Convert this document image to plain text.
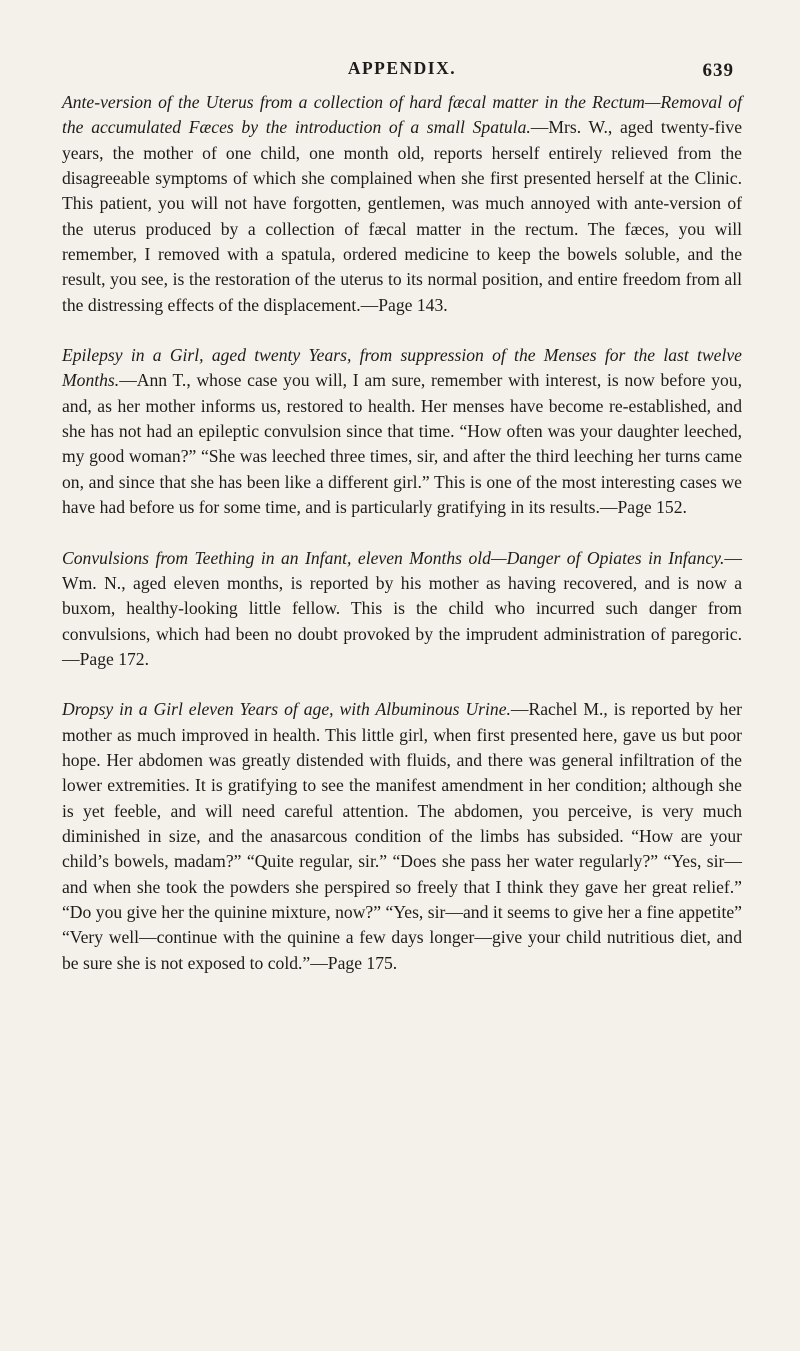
APPENDIX.	639

Ante-version of the Uterus from a collection of hard fæcal matter in the Rectum—Removal of the accumulated Fæces by the introduction of a small Spatula.—Mrs. W., aged twenty-five years, the mother of one child, one month old, reports herself entirely relieved from the disagreeable symptoms of which she complained when she first presented herself at the Clinic. This patient, you will not have forgotten, gentlemen, was much annoyed with ante-version of the uterus produced by a collection of fæcal matter in the rectum. The fæces, you will remember, I removed with a spatula, ordered medicine to keep the bowels soluble, and the result, you see, is the restoration of the uterus to its normal position, and entire freedom from all the distressing effects of the displacement.—Page 143.

Epilepsy in a Girl, aged twenty Years, from suppression of the Menses for the last twelve Months.—Ann T., whose case you will, I am sure, remember with interest, is now before you, and, as her mother informs us, restored to health. Her menses have become re-established, and she has not had an epileptic convulsion since that time. “How often was your daughter leeched, my good woman?” “She was leeched three times, sir, and after the third leeching her turns came on, and since that she has been like a different girl.” This is one of the most interesting cases we have had before us for some time, and is particularly gratifying in its results.—Page 152.

Convulsions from Teething in an Infant, eleven Months old—Danger of Opiates in Infancy.—Wm. N., aged eleven months, is reported by his mother as having recovered, and is now a buxom, healthy-looking little fellow. This is the child who incurred such danger from convulsions, which had been no doubt provoked by the imprudent administration of paregoric.—Page 172.

Dropsy in a Girl eleven Years of age, with Albuminous Urine.—Rachel M., is reported by her mother as much improved in health. This little girl, when first presented here, gave us but poor hope. Her abdomen was greatly distended with fluids, and there was general infiltration of the lower extremities. It is gratifying to see the manifest amendment in her condition; although she is yet feeble, and will need careful attention. The abdomen, you perceive, is very much diminished in size, and the anasarcous condition of the limbs has subsided. “How are your child’s bowels, madam?” “Quite regular, sir.” “Does she pass her water regularly?” “Yes, sir—and when she took the powders she perspired so freely that I think they gave her great relief.” “Do you give her the quinine mixture, now?” “Yes, sir—and it seems to give her a fine appetite” “Very well—continue with the quinine a few days longer—give your child nutritious diet, and be sure she is not exposed to cold.”—Page 175.
